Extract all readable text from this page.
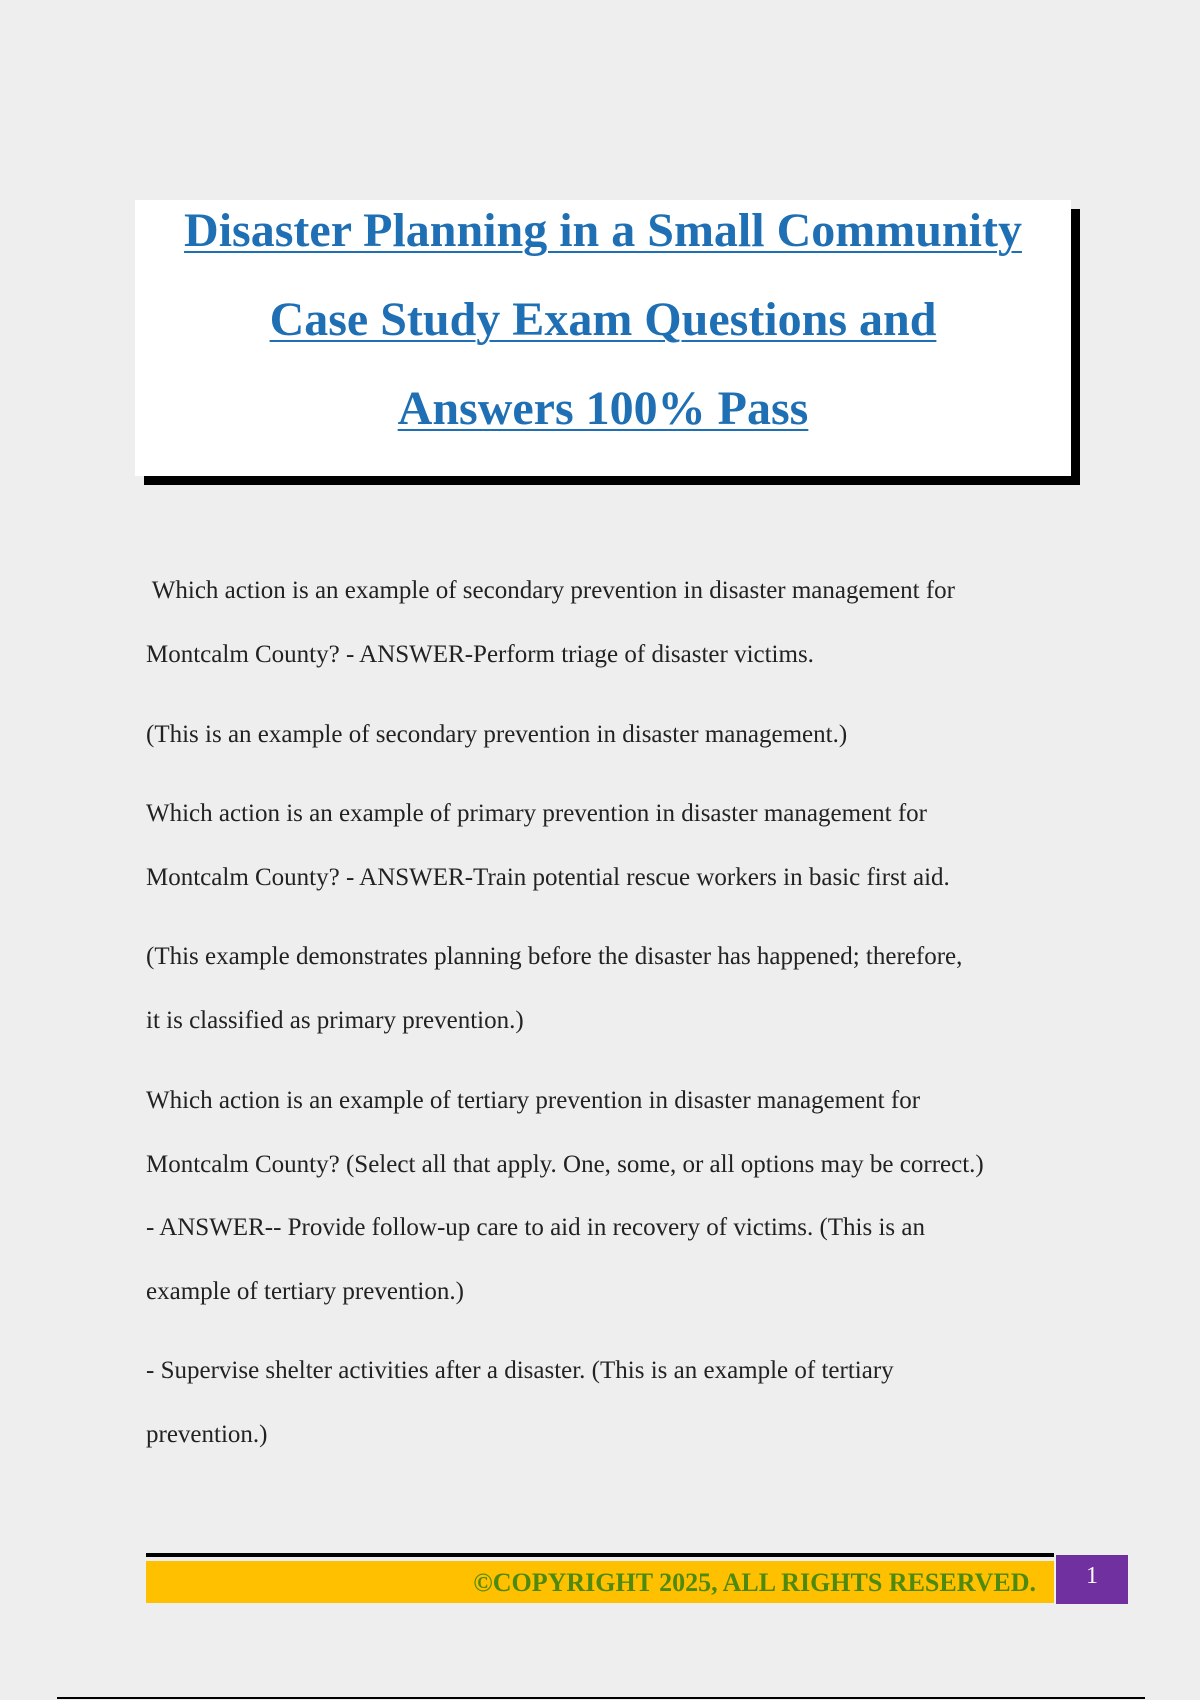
Disaster Planning in a Small Community
Case Study Exam Questions and
Answers 100% Pass
Which action is an example of secondary prevention in disaster management for
Montcalm County? - ANSWER-Perform triage of disaster victims.
(This is an example of secondary prevention in disaster management.)
Which action is an example of primary prevention in disaster management for
Montcalm County? - ANSWER-Train potential rescue workers in basic first aid.
(This example demonstrates planning before the disaster has happened; therefore,
it is classified as primary prevention.)
Which action is an example of tertiary prevention in disaster management for
Montcalm County? (Select all that apply. One, some, or all options may be correct.)
- ANSWER-- Provide follow-up care to aid in recovery of victims. (This is an
example of tertiary prevention.)
- Supervise shelter activities after a disaster. (This is an example of tertiary
prevention.)
©COPYRIGHT 2025, ALL RIGHTS RESERVED.	1
